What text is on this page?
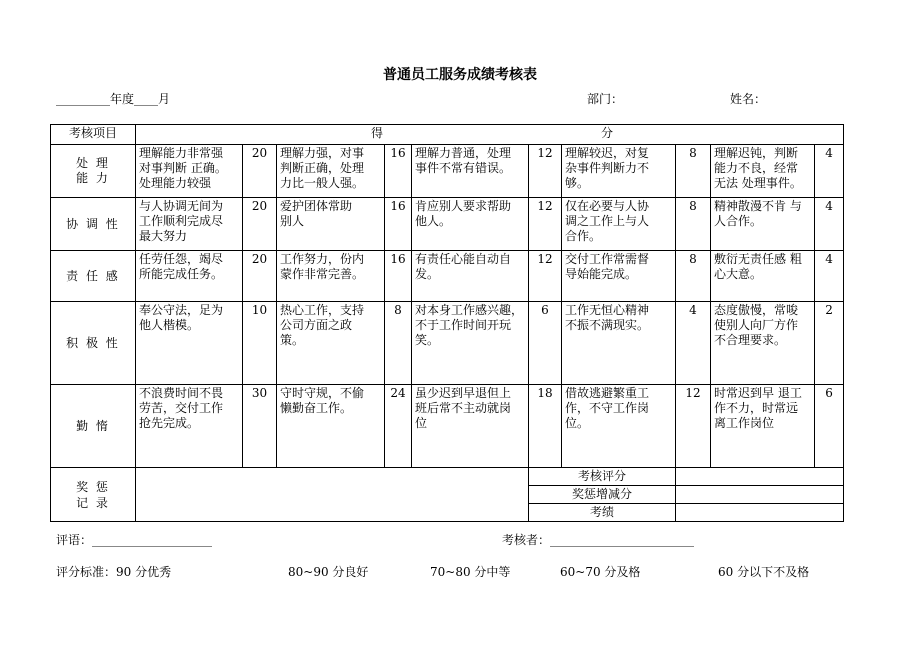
普通员工服务成绩考核表
_________年度____月	部门：	姓名：
考核项目	得 分									

处 理
能 力	理解能力非常强
对事判断 正确。
处理能力较强	20	理解力强，对事
判断正确，处理
力比一般人强。	16	理解力普通，处理
事件不常有错误。	12	理解较迟，对复
杂事件判断力不
够。	8	理解迟钝，判断
能力不良，经常
无法 处理事件。	4
协 调 性	与人协调无间为
工作顺利完成尽
最大努力	20	爱护团体常助
别人	16	肯应别人要求帮助
他人。	12	仅在必要与人协
调之工作上与人
合作。	8	精神散漫不肯 与
人合作。	4
责 任 感	任劳任怨，竭尽
所能完成任务。	20	工作努力，份内
蒙作非常完善。	16	有责任心能自动自
发。	12	交付工作常需督
导始能完成。	8	敷衍无责任感 粗
心大意。	4
积 极 性	奉公守法，足为
他人楷模。	10	热心工作，支持
公司方面之政
策。	8	对本身工作感兴趣，
不于工作时间开玩
笑。	6	工作无恒心精神
不振不满现实。	4	态度傲慢，常唆
使别人向厂方作
不合理要求。	2
勤 惰	不浪费时间不畏
劳苦，交付工作
抢先完成。	30	守时守规，不偷
懒勤奋工作。	24	虽少迟到早退但上
班后常不主动就岗
位	18	借故逃避繁重工
作，不守工作岗
位。	12	时常迟到早 退工
作不力，时常远
离工作岗位	6
奖 惩
记 录						考核评分				
						奖惩增减分				
						考绩				
评语：____________________	考核者：________________________
评分标准：90 分优秀	80~90 分良好	70~80 分中等	60~70 分及格	60 分以下不及格
